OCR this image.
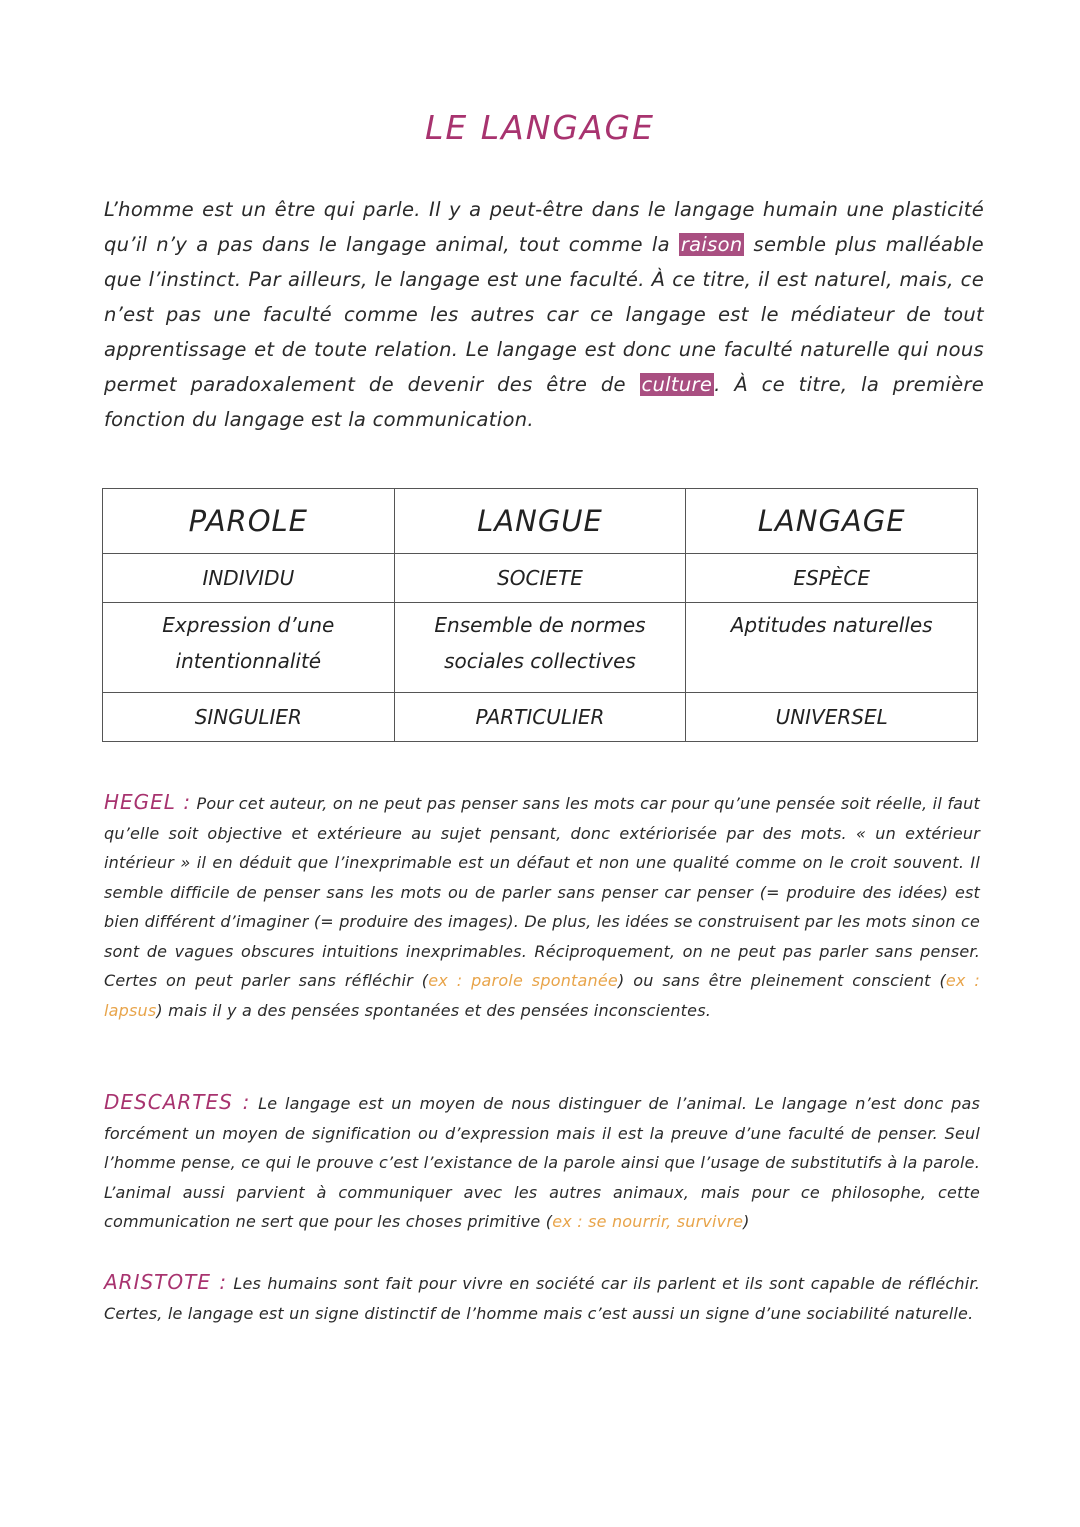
LE LANGAGE
L’homme est un être qui parle. Il y a peut-être dans le langage humain une plasticité qu’il n’y a pas dans le langage animal, tout comme la raison semble plus malléable que l’instinct. Par ailleurs, le langage est une faculté. À ce titre, il est naturel, mais, ce n’est pas une faculté comme les autres car ce langage est le médiateur de tout apprentissage et de toute relation. Le langage est donc une faculté naturelle qui nous permet paradoxalement de devenir des être de culture . À ce titre, la première fonction du langage est la communication.
PAROLE	LANGUE	LANGAGE
INDIVIDU	SOCIETE	ESPÈCE
Expression d’une intentionnalité	Ensemble de normes sociales collectives	Aptitudes naturelles
SINGULIER	PARTICULIER	UNIVERSEL
HEGEL : Pour cet auteur, on ne peut pas penser sans les mots car pour qu’une pensée soit réelle, il faut qu’elle soit objective et extérieure au sujet pensant, donc extériorisée par des mots. « un extérieur intérieur » il en déduit que l’inexprimable est un défaut et non une qualité comme on le croit souvent. Il semble difficile de penser sans les mots ou de parler sans penser car penser (= produire des idées) est bien différent d’imaginer (= produire des images). De plus, les idées se construisent par les mots sinon ce sont de vagues obscures intuitions inexprimables. Réciproquement, on ne peut pas parler sans penser. Certes on peut parler sans réfléchir (ex : parole spontanée) ou sans être pleinement conscient (ex : lapsus) mais il y a des pensées spontanées et des pensées inconscientes.
DESCARTES : Le langage est un moyen de nous distinguer de l’animal. Le langage n’est donc pas forcément un moyen de signification ou d’expression mais il est la preuve d’une faculté de penser. Seul l’homme pense, ce qui le prouve c’est l’existance de la parole ainsi que l’usage de substitutifs à la parole. L’animal aussi parvient à communiquer avec les autres animaux, mais pour ce philosophe, cette communication ne sert que pour les choses primitive (ex : se nourrir, survivre)
ARISTOTE : Les humains sont fait pour vivre en société car ils parlent et ils sont capable de réfléchir. Certes, le langage est un signe distinctif de l’homme mais c’est aussi un signe d’une sociabilité naturelle.
